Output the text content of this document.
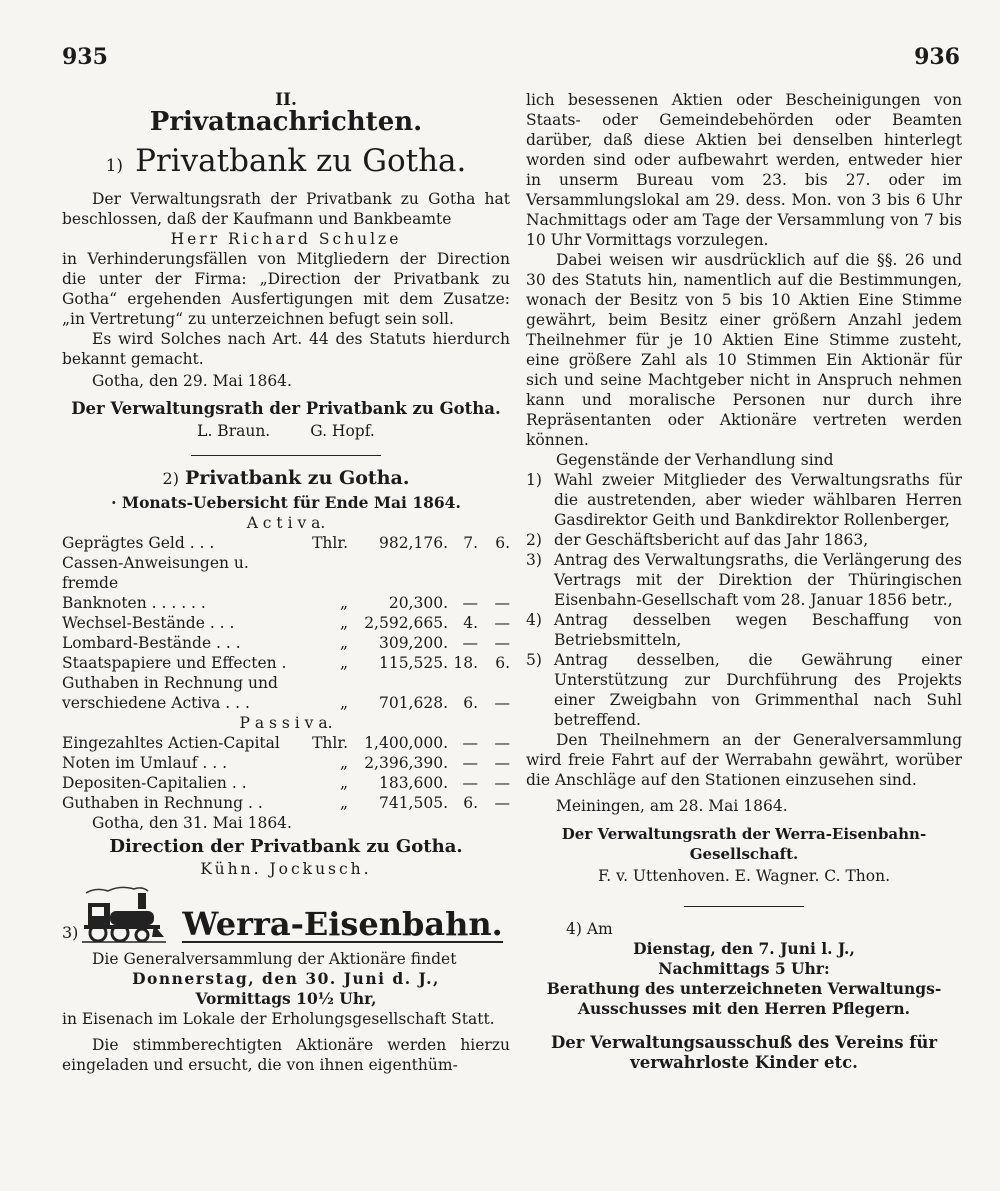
935	936
II.
Privatnachrichten.
1) Privatbank zu Gotha.
Der Verwaltungsrath der Privatbank zu Gotha hat beschlossen, daß der Kaufmann und Bankbeamte
Herr Richard Schulze
in Verhinderungsfällen von Mitgliedern der Direction die unter der Firma: „Direction der Privatbank zu Gotha“ ergehenden Ausfertigungen mit dem Zusatze: „in Vertretung“ zu unterzeichnen befugt sein soll.
Es wird Solches nach Art. 44 des Statuts hierdurch bekannt gemacht.
Gotha, den 29. Mai 1864.
Der Verwaltungsrath der Privatbank zu Gotha.
L. Braun.	G. Hopf.
2) Privatbank zu Gotha.
· Monats-Uebersicht für Ende Mai 1864.
A c t i v a.
Geprägtes Geld . . .	Thlr.	982,176.	7.	6.
Cassen-Anweisungen u. fremde				
Banknoten . . . . . .	„	20,300.	—	—
Wechsel-Bestände . . .	„	2,592,665.	4.	—
Lombard-Bestände . . .	„	309,200.	—	—
Staatspapiere und Effecten .	„	115,525.	18.	6.
Guthaben in Rechnung und				
verschiedene Activa . . .	„	701,628.	6.	—
P a s s i v a.
Eingezahltes Actien-Capital	Thlr.	1,400,000.	—	—
Noten im Umlauf . . .	„	2,396,390.	—	—
Depositen-Capitalien . .	„	183,600.	—	—
Guthaben in Rechnung . .	„	741,505.	6.	—
Gotha, den 31. Mai 1864.
Direction der Privatbank zu Gotha.
Kühn. Jockusch.
3)	Werra-Eisenbahn.
Die Generalversammlung der Aktionäre findet
Donnerstag, den 30. Juni d. J.,
Vormittags 10½ Uhr,
in Eisenach im Lokale der Erholungsgesellschaft Statt.
Die stimmberechtigten Aktionäre werden hierzu eingeladen und ersucht, die von ihnen eigenthüm-
lich besessenen Aktien oder Bescheinigungen von Staats- oder Gemeindebehörden oder Beamten darüber, daß diese Aktien bei denselben hinterlegt worden sind oder aufbewahrt werden, entweder hier in unserm Bureau vom 23. bis 27. oder im Versammlungslokal am 29. dess. Mon. von 3 bis 6 Uhr Nachmittags oder am Tage der Versammlung von 7 bis 10 Uhr Vormittags vorzulegen.
Dabei weisen wir ausdrücklich auf die §§. 26 und 30 des Statuts hin, namentlich auf die Bestimmungen, wonach der Besitz von 5 bis 10 Aktien Eine Stimme gewährt, beim Besitz einer größern Anzahl jedem Theilnehmer für je 10 Aktien Eine Stimme zusteht, eine größere Zahl als 10 Stimmen Ein Aktionär für sich und seine Machtgeber nicht in Anspruch nehmen kann und moralische Personen nur durch ihre Repräsentanten oder Aktionäre vertreten werden können.
Gegenstände der Verhandlung sind
1) Wahl zweier Mitglieder des Verwaltungsraths für die austretenden, aber wieder wählbaren Herren Gasdirektor Geith und Bankdirektor Rollenberger,
2) der Geschäftsbericht auf das Jahr 1863,
3) Antrag des Verwaltungsraths, die Verlängerung des Vertrags mit der Direktion der Thüringischen Eisenbahn-Gesellschaft vom 28. Januar 1856 betr.,
4) Antrag desselben wegen Beschaffung von Betriebsmitteln,
5) Antrag desselben, die Gewährung einer Unterstützung zur Durchführung des Projekts einer Zweigbahn von Grimmenthal nach Suhl betreffend.
Den Theilnehmern an der Generalversammlung wird freie Fahrt auf der Werrabahn gewährt, worüber die Anschläge auf den Stationen einzusehen sind.
Meiningen, am 28. Mai 1864.
Der Verwaltungsrath der Werra-Eisenbahn-Gesellschaft.
F. v. Uttenhoven. E. Wagner. C. Thon.
4) Am
Dienstag, den 7. Juni l. J.,
Nachmittags 5 Uhr:
Berathung des unterzeichneten Verwaltungs-Ausschusses mit den Herren Pflegern.
Der Verwaltungsausschuß des Vereins für verwahrloste Kinder etc.
